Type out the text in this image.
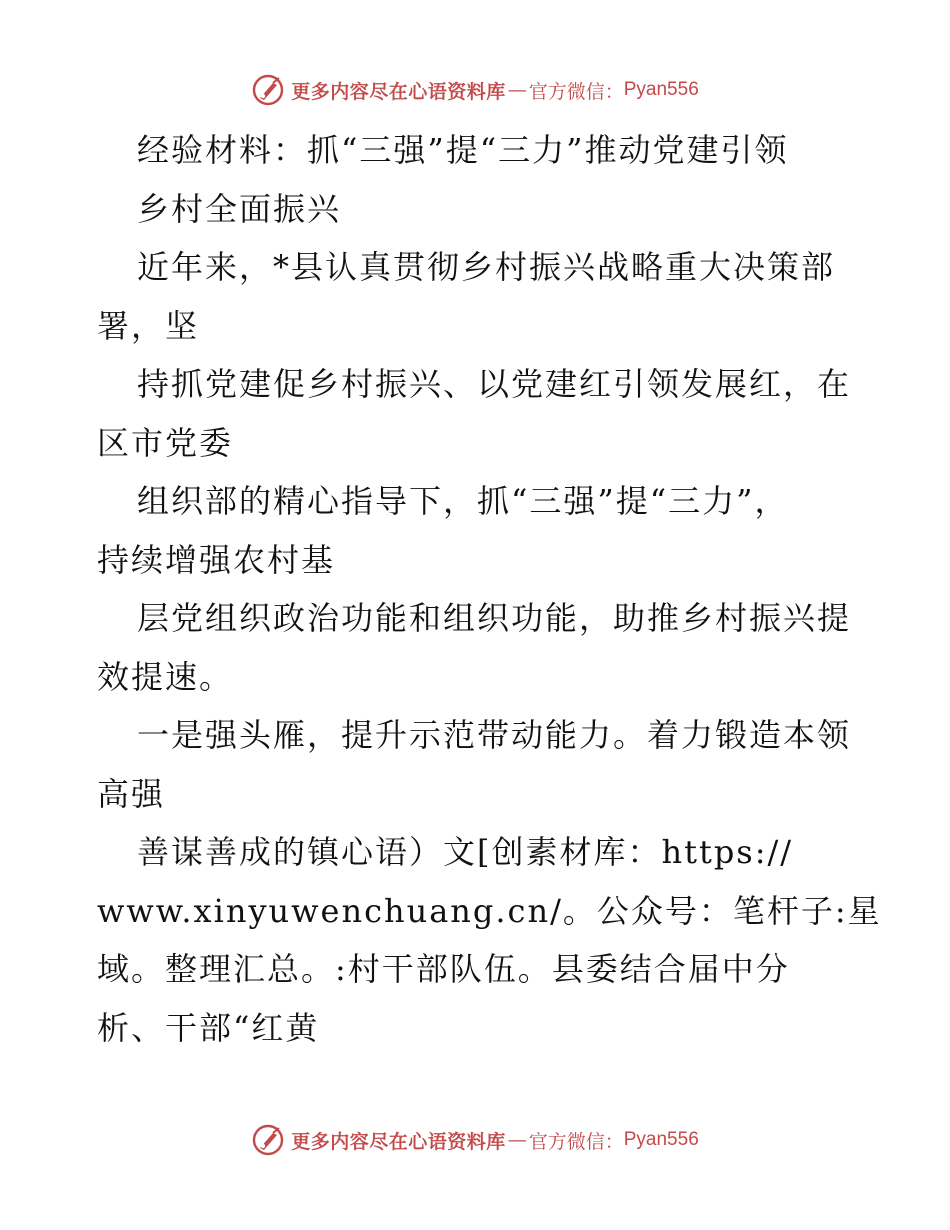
更多内容尽在心语资料库 — 官方微信： Pyan556
经验材料：抓“三强”提“三力”推动党建引领
乡村全面振兴
近年来，*县认真贯彻乡村振兴战略重大决策部
署，坚
持抓党建促乡村振兴、以党建红引领发展红，在
区市党委
组织部的精心指导下，抓“三强”提“三力”，
持续增强农村基
层党组织政治功能和组织功能，助推乡村振兴提
效提速。
一是强头雁，提升示范带动能力。着力锻造本领
高强
善谋善成的镇心语）文[创素材库：https://
www.xinyuwenchuang.cn/。公众号：笔杆子:星
域。整理汇总。:村干部队伍。县委结合届中分
析、干部“红黄
更多内容尽在心语资料库 — 官方微信： Pyan556
